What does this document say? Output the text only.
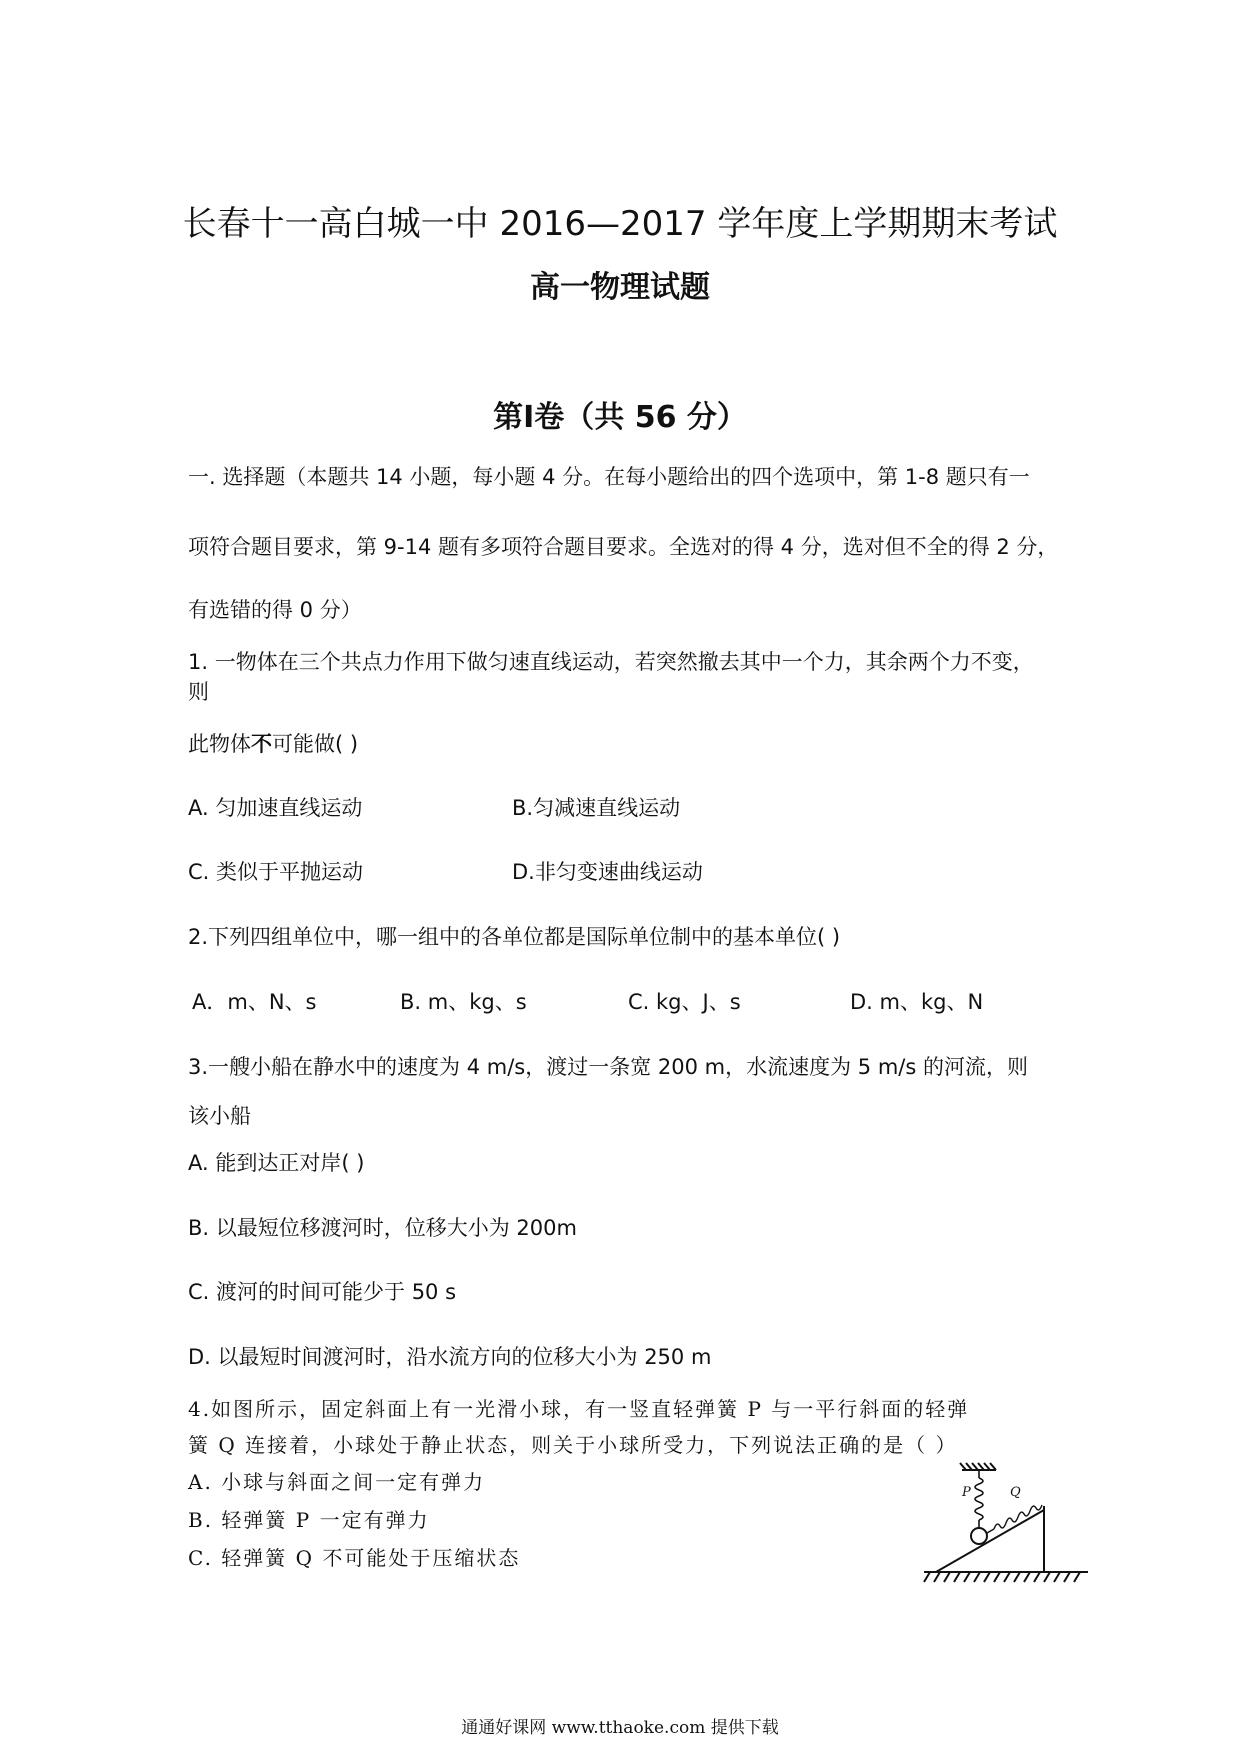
长春十一高白城一中 2016—2017 学年度上学期期末考试
高一物理试题
第Ⅰ卷（共 56 分）
一. 选择题（本题共 14 小题，每小题 4 分。在每小题给出的四个选项中，第 1-8 题只有一
项符合题目要求，第 9-14 题有多项符合题目要求。全选对的得 4 分，选对但不全的得 2 分，
有选错的得 0 分）
1. 一物体在三个共点力作用下做匀速直线运动，若突然撤去其中一个力，其余两个力不变，
则
此物体不可能做( )
A. 匀加速直线运动	B.匀减速直线运动
C. 类似于平抛运动	D.非匀变速曲线运动
2.下列四组单位中，哪一组中的各单位都是国际单位制中的基本单位( )
A．m、N、s	B. m、kg、s	C. kg、J、s	D. m、kg、N
3.一艘小船在静水中的速度为 4 m/s，渡过一条宽 200 m，水流速度为 5 m/s 的河流，则
该小船
A. 能到达正对岸( )
B. 以最短位移渡河时，位移大小为 200m
C. 渡河的时间可能少于 50 s
D. 以最短时间渡河时，沿水流方向的位移大小为 250 m
4.如图所示，固定斜面上有一光滑小球，有一竖直轻弹簧 P 与一平行斜面的轻弹
簧 Q 连接着，小球处于静止状态，则关于小球所受力，下列说法正确的是（ ）
A. 小球与斜面之间一定有弹力
B. 轻弹簧 P 一定有弹力
C. 轻弹簧 Q 不可能处于压缩状态
P	Q
通通好课网 www.tthaoke.com 提供下载
